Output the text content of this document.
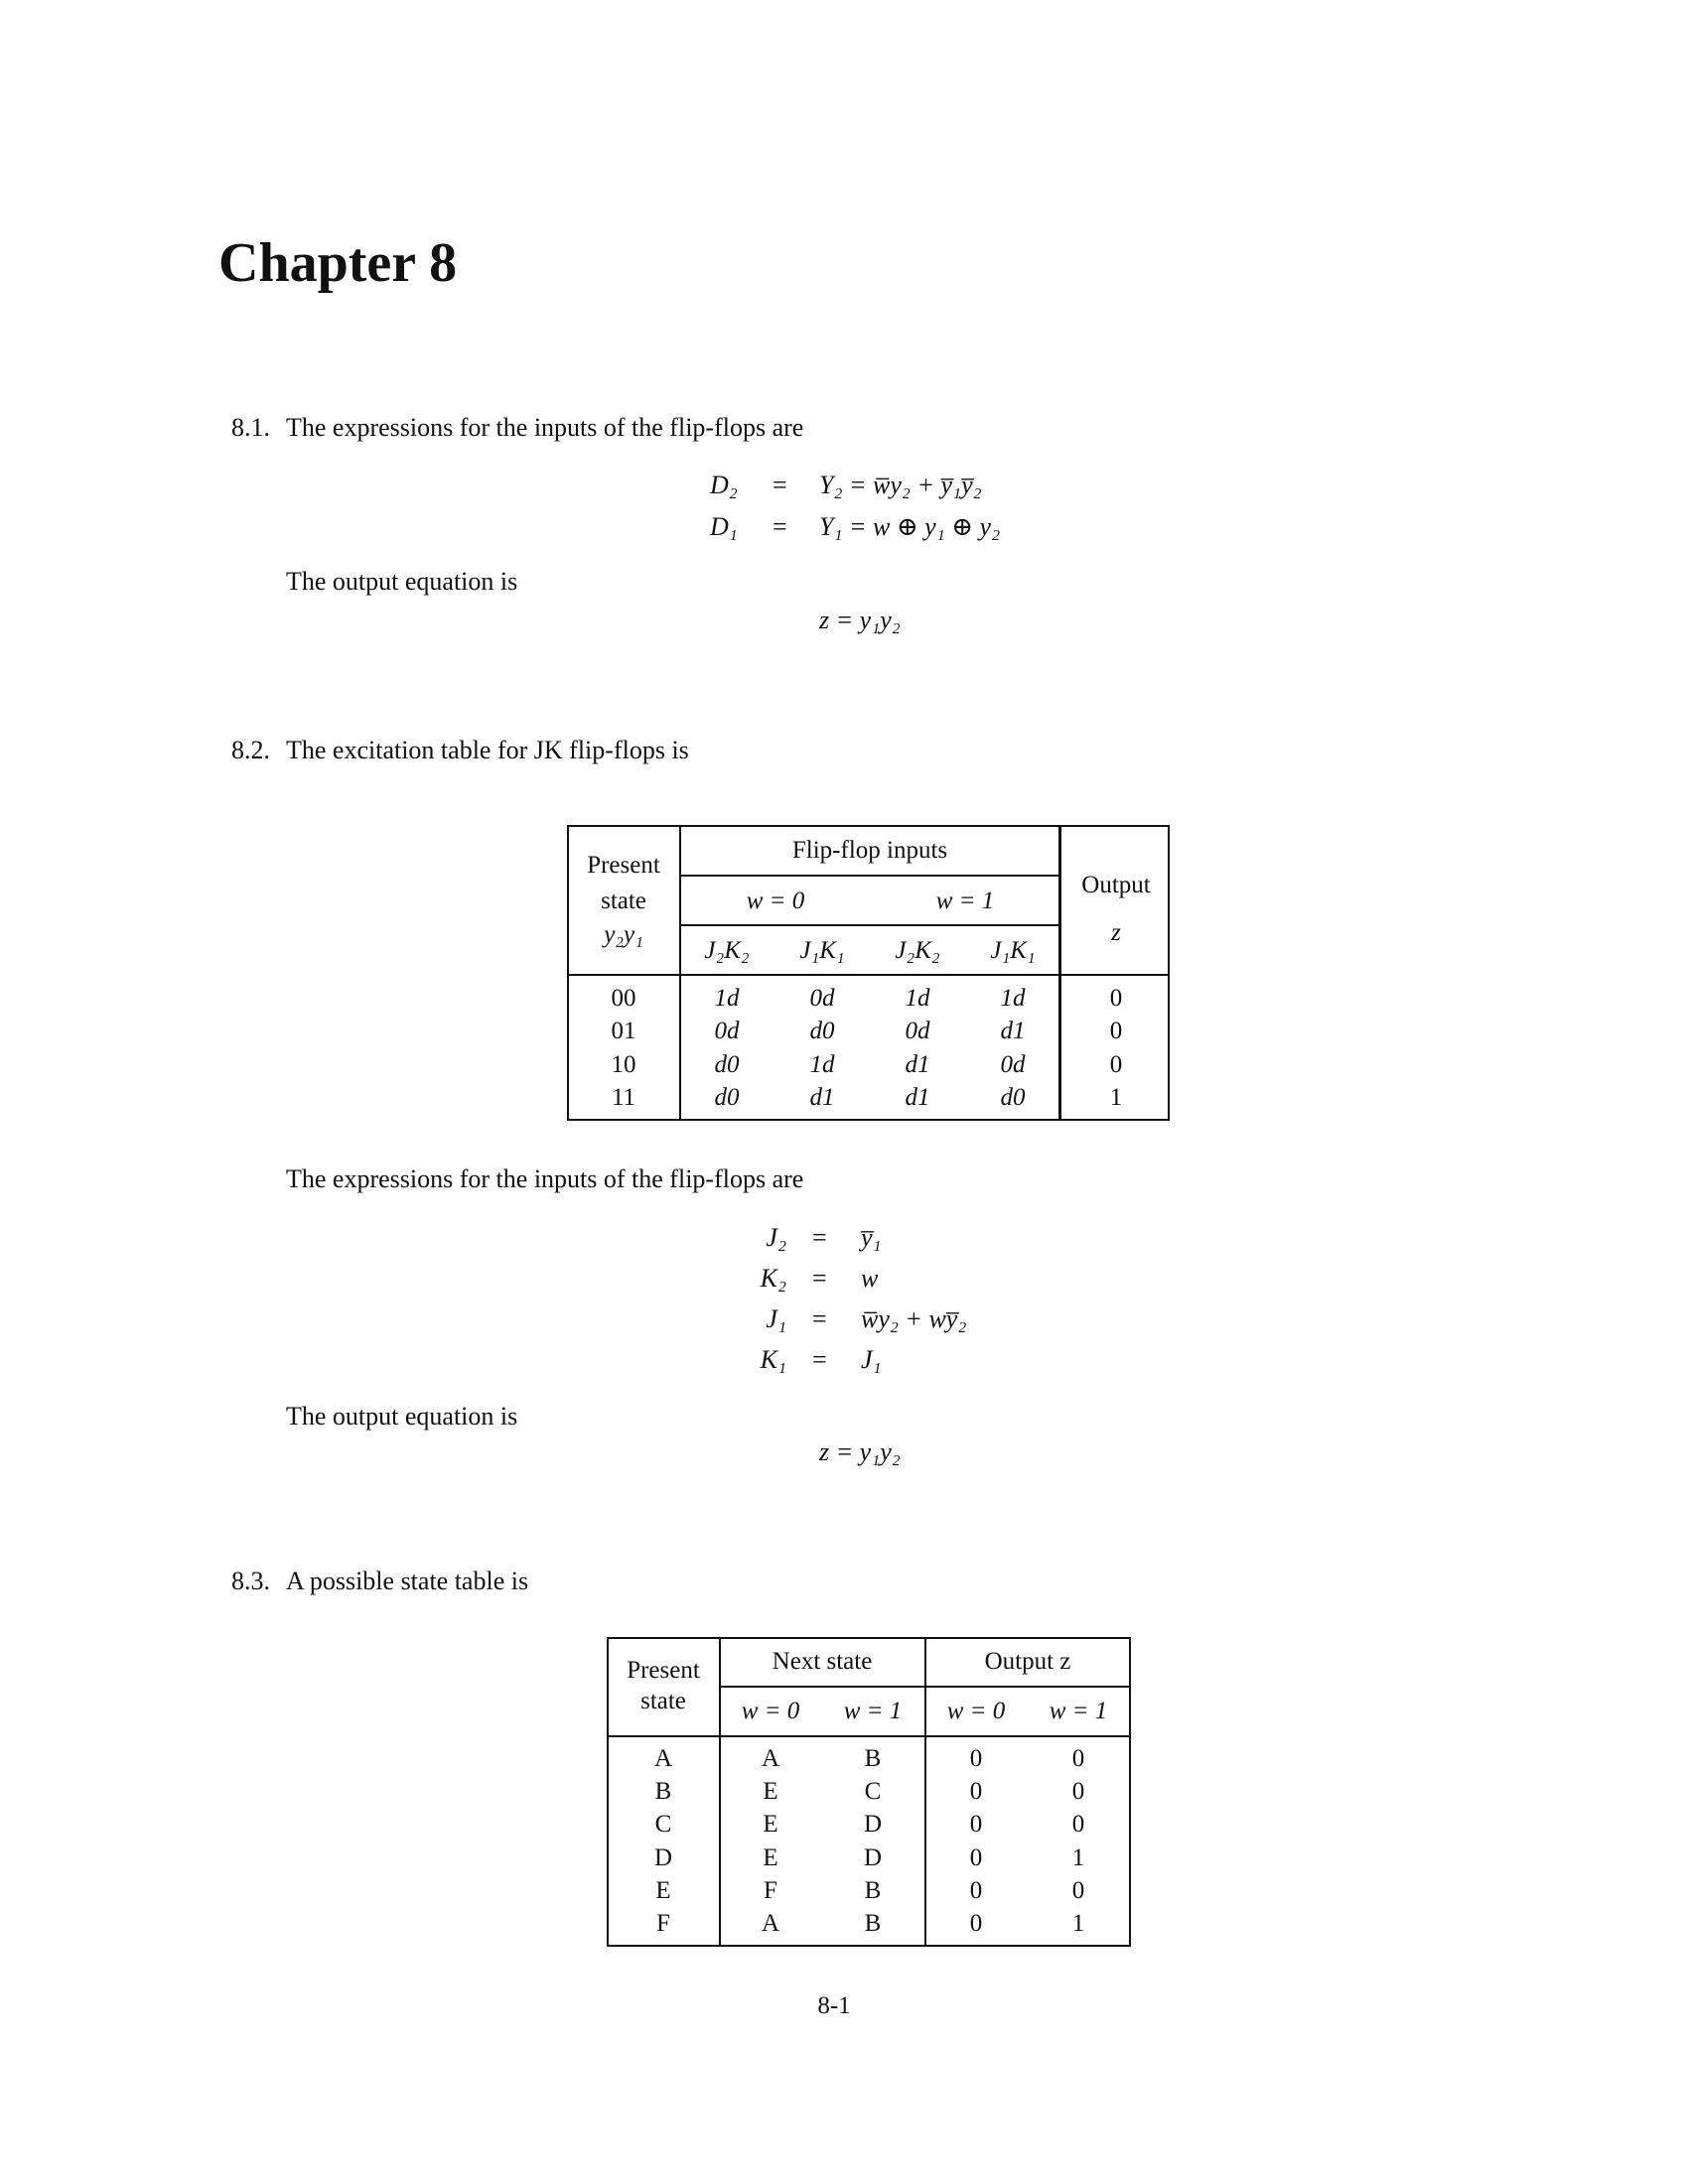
Chapter 8
8.1. The expressions for the inputs of the flip-flops are
D₂ = Y₂ = w̅y₂ + y̅₁y̅₂
D₁ = Y₁ = w ⊕ y₁ ⊕ y₂
The output equation is
z = y₁y₂
8.2. The excitation table for JK flip-flops is
Present
state
y₂y₁
Flip-flop inputs
w = 0	w = 1
Output
z
J₂K₂ J₁K₁ J₂K₂ J₁K₁
00	1d	0d	1d	1d	0
01	0d	d0	0d	d1	0
10	d0	1d	d1	0d	0
11	d0	d1	d1	d0	1
The expressions for the inputs of the flip-flops are
J₂ = y̅₁
K₂ = w
J₁ = w̅y₂ + wy̅₂
K₁ = J₁
The output equation is
z = y₁y₂
8.3. A possible state table is
Present
state
Next state	Output z
w = 0 w = 1 w = 0 w = 1
A	A	B	0	0
B	E	C	0	0
C	E	D	0	0
D	E	D	0	1
E	F	B	0	0
F	A	B	0	1
8-1
